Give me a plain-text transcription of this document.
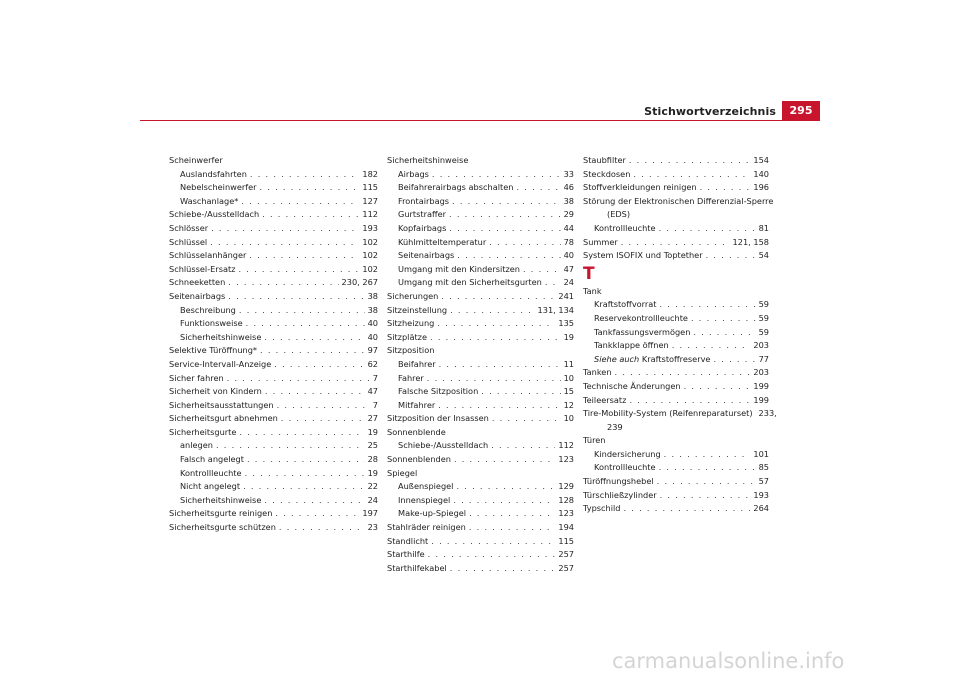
Stichwortverzeichnis	295
Scheinwerfer
Auslandsfahrten . . .	182
Nebelscheinwerfer . . .	115
Waschanlage* . . .	127
Schiebe-/Ausstelldach . . .	112
Schlösser . . .	193
Schlüssel . . .	102
Schlüsselanhänger . . .	102
Schlüssel-Ersatz . . .	102
Schneeketten . . .	230, 267
Seitenairbags . . .	38
Beschreibung . . .	38
Funktionsweise . . .	40
Sicherheitshinweise . . .	40
Selektive Türöffnung* . . .	97
Service-Intervall-Anzeige . . .	62
Sicher fahren . . .	7
Sicherheit von Kindern . . .	47
Sicherheitsausstattungen . . .	7
Sicherheitsgurt abnehmen . . .	27
Sicherheitsgurte . . .	19
anlegen . . .	25
Falsch angelegt . . .	28
Kontrollleuchte . . .	19
Nicht angelegt . . .	22
Sicherheitshinweise . . .	24
Sicherheitsgurte reinigen . . .	197
Sicherheitsgurte schützen . . .	23
Sicherheitshinweise
Airbags . . .	33
Beifahrerairbags abschalten . . .	46
Frontairbags . . .	38
Gurtstraffer . . .	29
Kopfairbags . . .	44
Kühlmitteltemperatur . . .	78
Seitenairbags . . .	40
Umgang mit den Kindersitzen . . .	47
Umgang mit den Sicherheitsgurten . . .	24
Sicherungen . . .	241
Sitzeinstellung . . .	131, 134
Sitzheizung . . .	135
Sitzplätze . . .	19
Sitzposition
Beifahrer . . .	11
Fahrer . . .	10
Falsche Sitzposition . . .	15
Mitfahrer . . .	12
Sitzposition der Insassen . . .	10
Sonnenblende
Schiebe-/Ausstelldach . . .	112
Sonnenblenden . . .	123
Spiegel
Außenspiegel . . .	129
Innenspiegel . . .	128
Make-up-Spiegel . . .	123
Stahlräder reinigen . . .	194
Standlicht . . .	115
Starthilfe . . .	257
Starthilfekabel . . .	257
Staubfilter . . .	154
Steckdosen . . .	140
Stoffverkleidungen reinigen . . .	196
Störung der Elektronischen Differenzial-Sperre
(EDS)
Kontrollleuchte . . .	81
Summer . . .	121, 158
System ISOFIX und Toptether . . .	54
T
Tank
Kraftstoffvorrat . . .	59
Reservekontrollleuchte . . .	59
Tankfassungsvermögen . . .	59
Tankklappe öffnen . . .	203
Siehe auch Kraftstoffreserve . . .	77
Tanken . . .	203
Technische Änderungen . . .	199
Teileersatz . . .	199
Tire-Mobility-System (Reifenreparaturset) 233,
239
Türen
Kindersicherung . . .	101
Kontrollleuchte . . .	85
Türöffnungshebel . . .	57
Türschließzylinder . . .	193
Typschild . . .	264
carmanualsonline.info
